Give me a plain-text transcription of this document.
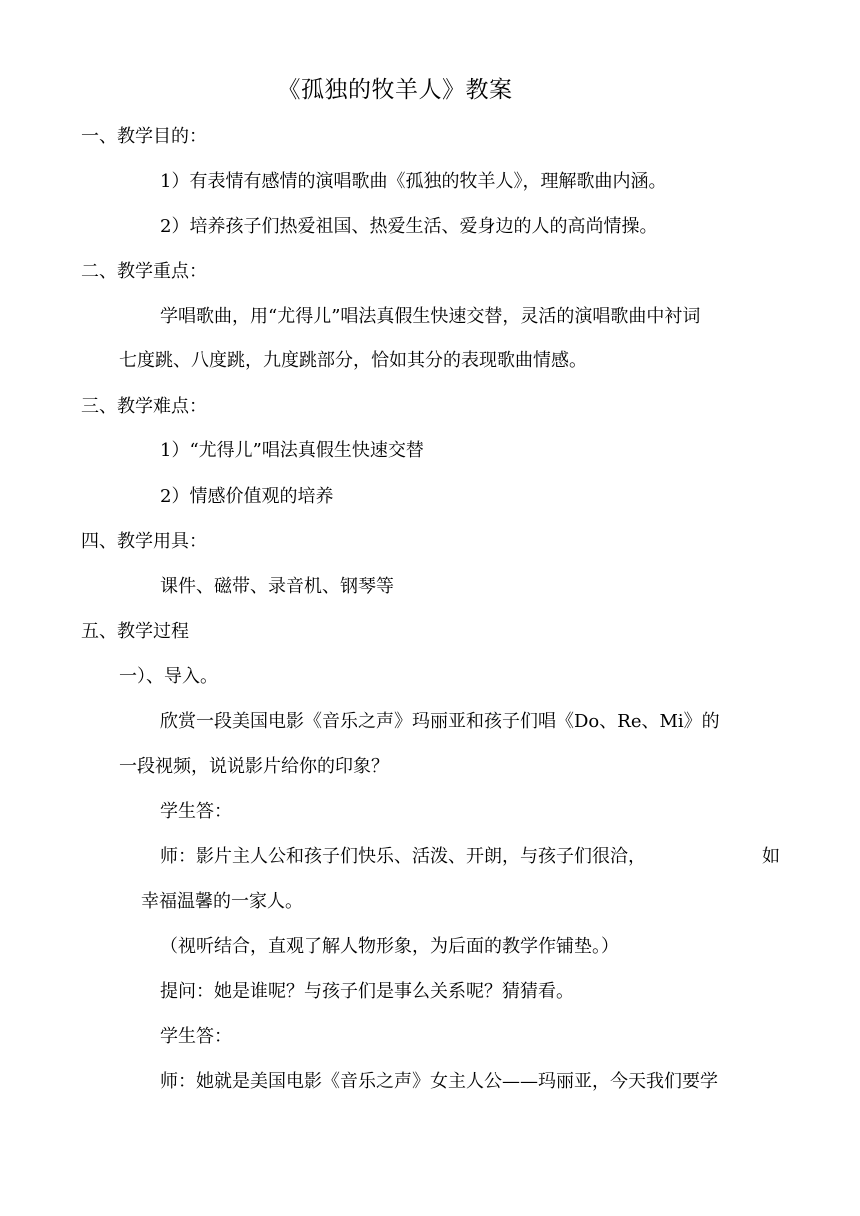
《孤独的牧羊人》教案
一、教学目的：
1）有表情有感情的演唱歌曲《孤独的牧羊人》，理解歌曲内涵。
2）培养孩子们热爱祖国、热爱生活、爱身边的人的高尚情操。
二、教学重点：
学唱歌曲，用“尤得儿”唱法真假生快速交替，灵活的演唱歌曲中衬词
七度跳、八度跳，九度跳部分，恰如其分的表现歌曲情感。
三、教学难点：
1）“尤得儿”唱法真假生快速交替
2）情感价值观的培养
四、教学用具：
课件、磁带、录音机、钢琴等
五、教学过程
一）、导入。
欣赏一段美国电影《音乐之声》玛丽亚和孩子们唱《Do、Re、Mi》的
一段视频，说说影片给你的印象？
学生答：
师：影片主人公和孩子们快乐、活泼、开朗，与孩子们很洽，	如
幸福温馨的一家人。
（视听结合，直观了解人物形象，为后面的教学作铺垫。）
提问：她是谁呢？与孩子们是事么关系呢？猜猜看。
学生答：
师：她就是美国电影《音乐之声》女主人公——玛丽亚，今天我们要学
